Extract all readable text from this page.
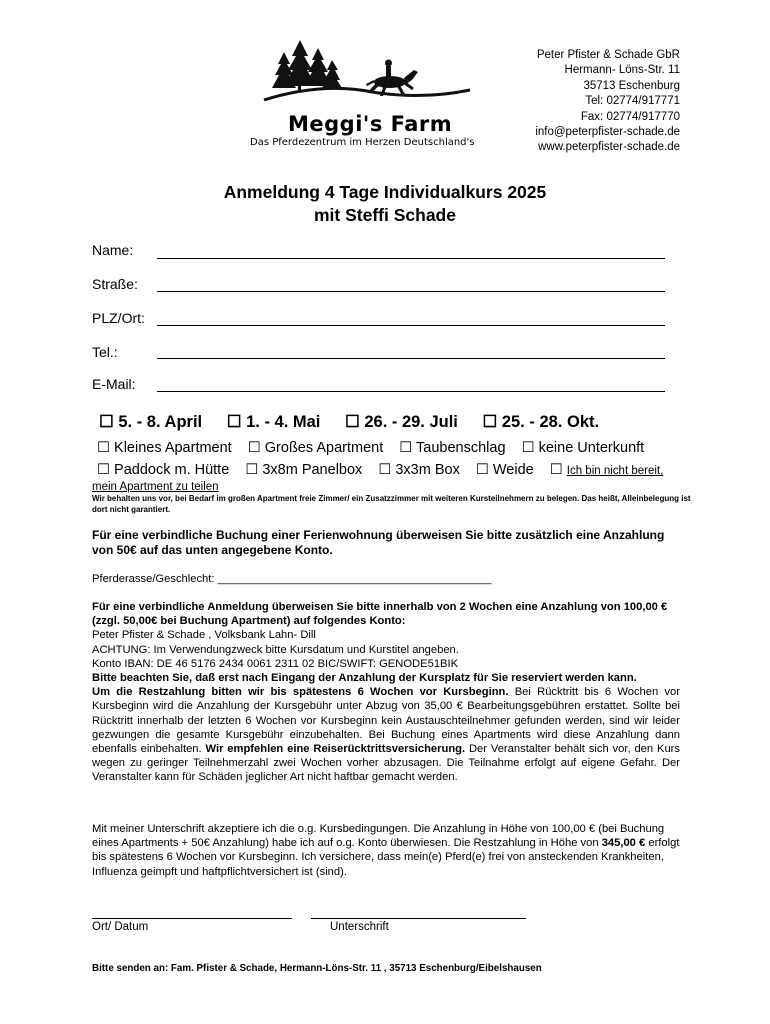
Meggi's Farm
Das Pferdezentrum im Herzen Deutschland's
Peter Pfister & Schade GbR
Hermann- Löns-Str. 11
35713 Eschenburg
Tel: 02774/917771
Fax: 02774/917770
info@peterpfister-schade.de
www.peterpfister-schade.de
Anmeldung 4 Tage Individualkurs 2025
mit Steffi Schade
Name:
Straße:
PLZ/Ort:
Tel.:
E-Mail:
☐ 5. - 8. April ☐ 1. - 4. Mai ☐ 26. - 29. Juli ☐ 25. - 28. Okt.
☐ Kleines Apartment ☐ Großes Apartment ☐ Taubenschlag ☐ keine Unterkunft
☐ Paddock m. Hütte ☐ 3x8m Panelbox ☐ 3x3m Box ☐ Weide ☐ Ich bin nicht bereit,
mein Apartment zu teilen
Wir behalten uns vor, bei Bedarf im großen Apartment freie Zimmer/ ein Zusatzzimmer mit weiteren Kursteilnehmern zu belegen. Das heißt, Alleinbelegung ist dort nicht garantiert.
Für eine verbindliche Buchung einer Ferienwohnung überweisen Sie bitte zusätzlich eine Anzahlung von 50€ auf das unten angegebene Konto.
Pferderasse/Geschlecht: ____________________________________________
Für eine verbindliche Anmeldung überweisen Sie bitte innerhalb von 2 Wochen eine Anzahlung von 100,00 € (zzgl. 50,00€ bei Buchung Apartment) auf folgendes Konto:
Peter Pfister & Schade , Volksbank Lahn- Dill
ACHTUNG: Im Verwendungzweck bitte Kursdatum und Kurstitel angeben.
Konto IBAN: DE 46 5176 2434 0061 2311 02 BIC/SWIFT: GENODE51BIK
Bitte beachten Sie, daß erst nach Eingang der Anzahlung der Kursplatz für Sie reserviert werden kann.
Um die Restzahlung bitten wir bis spätestens 6 Wochen vor Kursbeginn. Bei Rücktritt bis 6 Wochen vor Kursbeginn wird die Anzahlung der Kursgebühr unter Abzug von 35,00 € Bearbeitungsgebühren erstattet. Sollte bei Rücktritt innerhalb der letzten 6 Wochen vor Kursbeginn kein Austauschteilnehmer gefunden werden, sind wir leider gezwungen die gesamte Kursgebühr einzubehalten. Bei Buchung eines Apartments wird diese Anzahlung dann ebenfalls einbehalten. Wir empfehlen eine Reiserücktrittsversicherung. Der Veranstalter behält sich vor, den Kurs wegen zu geringer Teilnehmerzahl zwei Wochen vorher abzusagen. Die Teilnahme erfolgt auf eigene Gefahr. Der Veranstalter kann für Schäden jeglicher Art nicht haftbar gemacht werden.
Mit meiner Unterschrift akzeptiere ich die o.g. Kursbedingungen. Die Anzahlung in Höhe von 100,00 € (bei Buchung eines Apartments + 50€ Anzahlung) habe ich auf o.g. Konto überwiesen. Die Restzahlung in Höhe von 345,00 € erfolgt bis spätestens 6 Wochen vor Kursbeginn. Ich versichere, dass mein(e) Pferd(e) frei von ansteckenden Krankheiten, Influenza geimpft und haftpflichtversichert ist (sind).
Ort/ Datum	Unterschrift
Bitte senden an: Fam. Pfister & Schade, Hermann-Löns-Str. 11 , 35713 Eschenburg/Eibelshausen
